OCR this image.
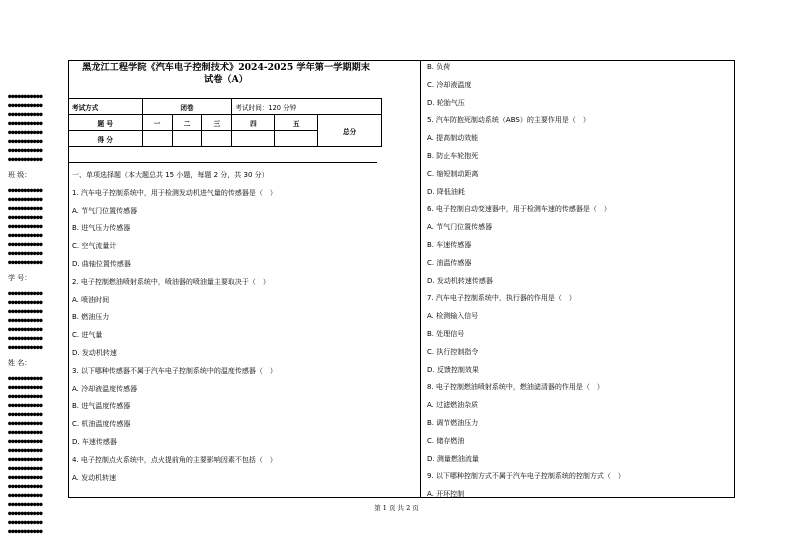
●●●●●●●●●●●
●●●●●●●●●●●
●●●●●●●●●●●
●●●●●●●●●●●
●●●●●●●●●●●
●●●●●●●●●●●
●●●●●●●●●●●
●●●●●●●●●●●
班 级：
●●●●●●●●●●●
●●●●●●●●●●●
●●●●●●●●●●●
●●●●●●●●●●●
●●●●●●●●●●●
●●●●●●●●●●●
●●●●●●●●●●●
●●●●●●●●●●●
●●●●●●●●●●●
学 号：
●●●●●●●●●●●
●●●●●●●●●●●
●●●●●●●●●●●
●●●●●●●●●●●
●●●●●●●●●●●
●●●●●●●●●●●
●●●●●●●●●●●
姓 名：
●●●●●●●●●●●
●●●●●●●●●●●
●●●●●●●●●●●
●●●●●●●●●●●
●●●●●●●●●●●
●●●●●●●●●●●
●●●●●●●●●●●
●●●●●●●●●●●
●●●●●●●●●●●
●●●●●●●●●●●
●●●●●●●●●●●
●●●●●●●●●●●
●●●●●●●●●●●
●●●●●●●●●●●
●●●●●●●●●●●
●●●●●●●●●●●
●●●●●●●●●●●
●●●●●●●●●●●
黑龙江工程学院《汽车电子控制技术》2024-2025 学年第一学期期末
试卷（A）
考试方式	闭卷			考试时间：120 分钟		
题 号	一	二	三	四	五	总分
得 分						
一、单项选择题（本大题总共 15 小题，每题 2 分，共 30 分）
1. 汽车电子控制系统中，用于检测发动机进气量的传感器是（　）
A. 节气门位置传感器
B. 进气压力传感器
C. 空气流量计
D. 曲轴位置传感器
2. 电子控制燃油喷射系统中，喷油器的喷油量主要取决于（　）
A. 喷油时间
B. 燃油压力
C. 进气量
D. 发动机转速
3. 以下哪种传感器不属于汽车电子控制系统中的温度传感器（　）
A. 冷却液温度传感器
B. 进气温度传感器
C. 机油温度传感器
D. 车速传感器
4. 电子控制点火系统中，点火提前角的主要影响因素不包括（　）
A. 发动机转速
B. 负荷
C. 冷却液温度
D. 轮胎气压
5. 汽车防抱死制动系统（ABS）的主要作用是（　）
A. 提高制动效能
B. 防止车轮抱死
C. 缩短制动距离
D. 降低油耗
6. 电子控制自动变速器中，用于检测车速的传感器是（　）
A. 节气门位置传感器
B. 车速传感器
C. 油温传感器
D. 发动机转速传感器
7. 汽车电子控制系统中，执行器的作用是（　）
A. 检测输入信号
B. 处理信号
C. 执行控制指令
D. 反馈控制效果
8. 电子控制燃油喷射系统中，燃油滤清器的作用是（　）
A. 过滤燃油杂质
B. 调节燃油压力
C. 储存燃油
D. 测量燃油流量
9. 以下哪种控制方式不属于汽车电子控制系统的控制方式（　）
A. 开环控制
第 1 页 共 2 页
